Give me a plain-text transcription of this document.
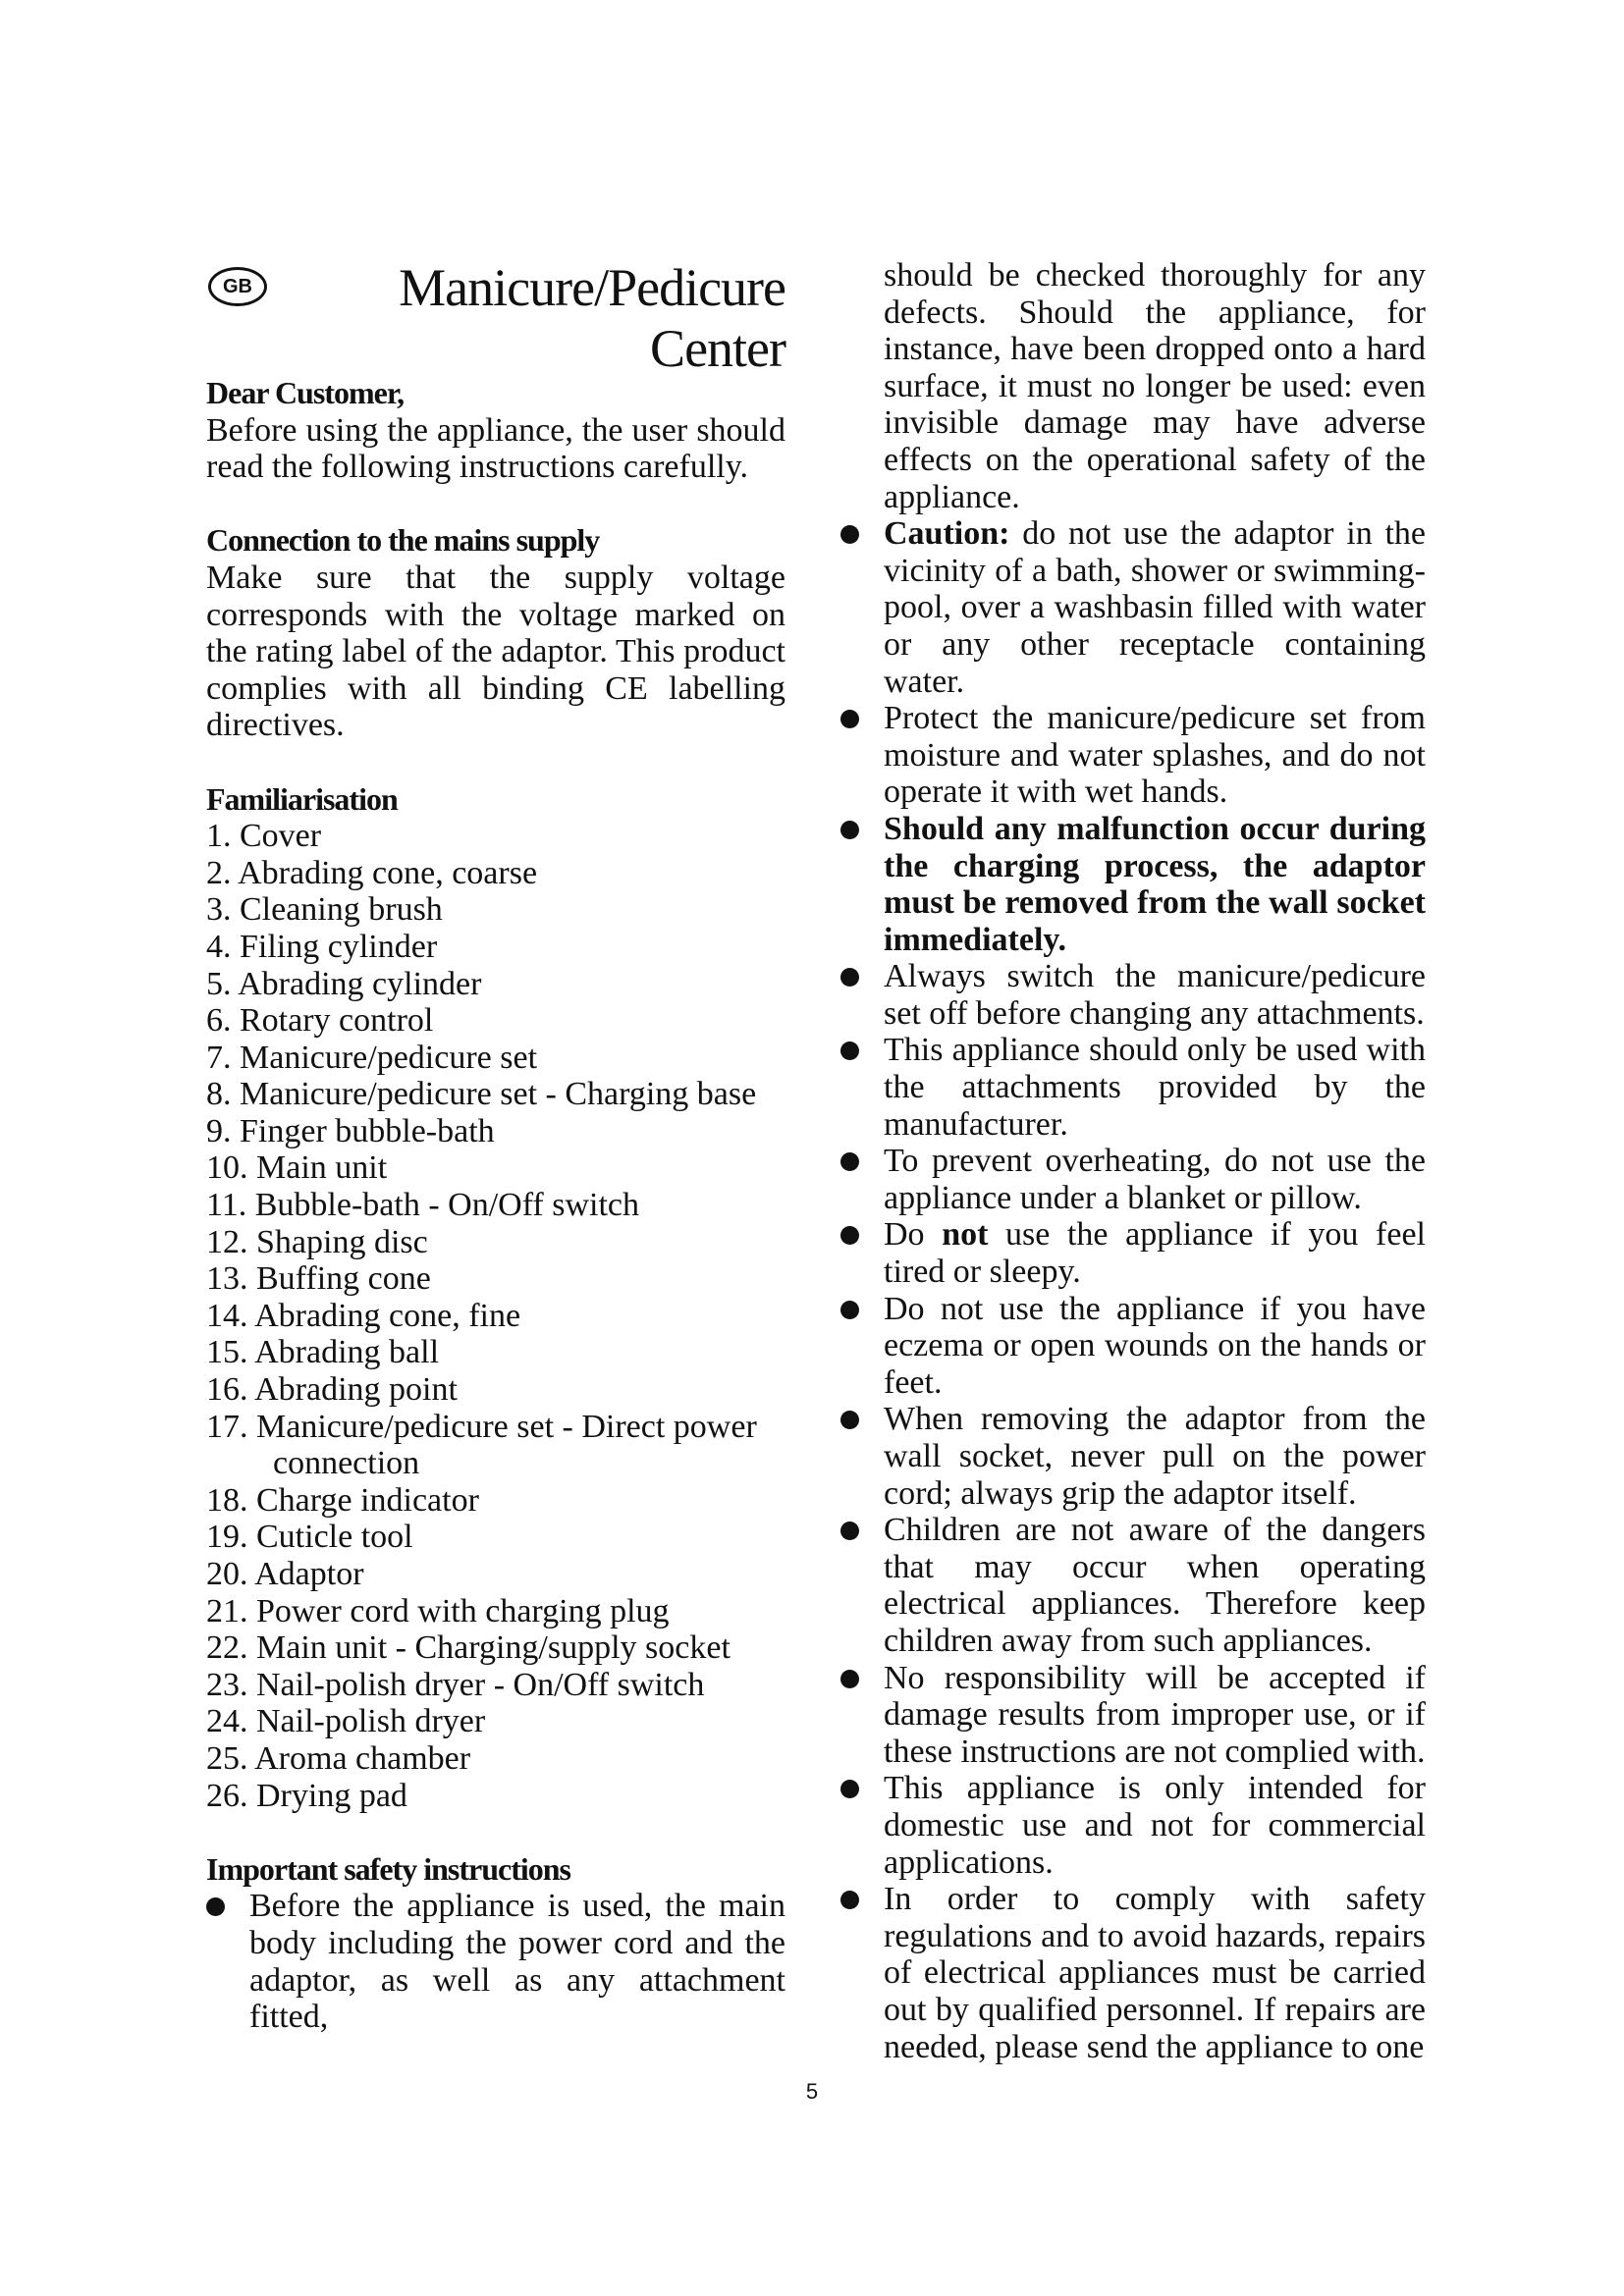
GB	Manicure/Pedicure
Center
Dear Customer,

Before using the appliance, the user should read the following instructions carefully.

Connection to the mains supply

Make sure that the supply voltage corresponds with the voltage marked on the rating label of the adaptor. This product complies with all binding CE labelling directives.

Familiarisation
1. Cover
2. Abrading cone, coarse
3. Cleaning brush
4. Filing cylinder
5. Abrading cylinder
6. Rotary control
7. Manicure/pedicure set
8. Manicure/pedicure set - Charging base
9. Finger bubble-bath
10. Main unit
11. Bubble-bath - On/Off switch
12. Shaping disc
13. Buffing cone
14. Abrading cone, fine
15. Abrading ball
16. Abrading point
17. Manicure/pedicure set - Direct power connection
18. Charge indicator
19. Cuticle tool
20. Adaptor
21. Power cord with charging plug
22. Main unit - Charging/supply socket
23. Nail-polish dryer - On/Off switch
24. Nail-polish dryer
25. Aroma chamber
26. Drying pad
Important safety instructions
Before the appliance is used, the main body including the power cord and the adaptor, as well as any attachment fitted,

should be checked thoroughly for any defects. Should the appliance, for instance, have been dropped onto a hard surface, it must no longer be used: even invisible damage may have adverse effects on the operational safety of the appliance.

Caution: do not use the adaptor in the vicinity of a bath, shower or swimming-pool, over a washbasin filled with water or any other receptacle containing water.
Protect the manicure/pedicure set from moisture and water splashes, and do not operate it with wet hands.
Should any malfunction occur during the charging process, the adaptor must be removed from the wall socket immediately.
Always switch the manicure/pedicure set off before changing any attachments.
This appliance should only be used with the attachments provided by the manufacturer.
To prevent overheating, do not use the appliance under a blanket or pillow.
Do not use the appliance if you feel tired or sleepy.
Do not use the appliance if you have eczema or open wounds on the hands or feet.
When removing the adaptor from the wall socket, never pull on the power cord; always grip the adaptor itself.
Children are not aware of the dangers that may occur when operating electrical appliances. Therefore keep children away from such appliances.
No responsibility will be accepted if damage results from improper use, or if these instructions are not complied with.
This appliance is only intended for domestic use and not for commercial applications.
In order to comply with safety regulations and to avoid hazards, repairs of electrical appliances must be carried out by qualified personnel. If repairs are needed, please send the appliance to one
5
